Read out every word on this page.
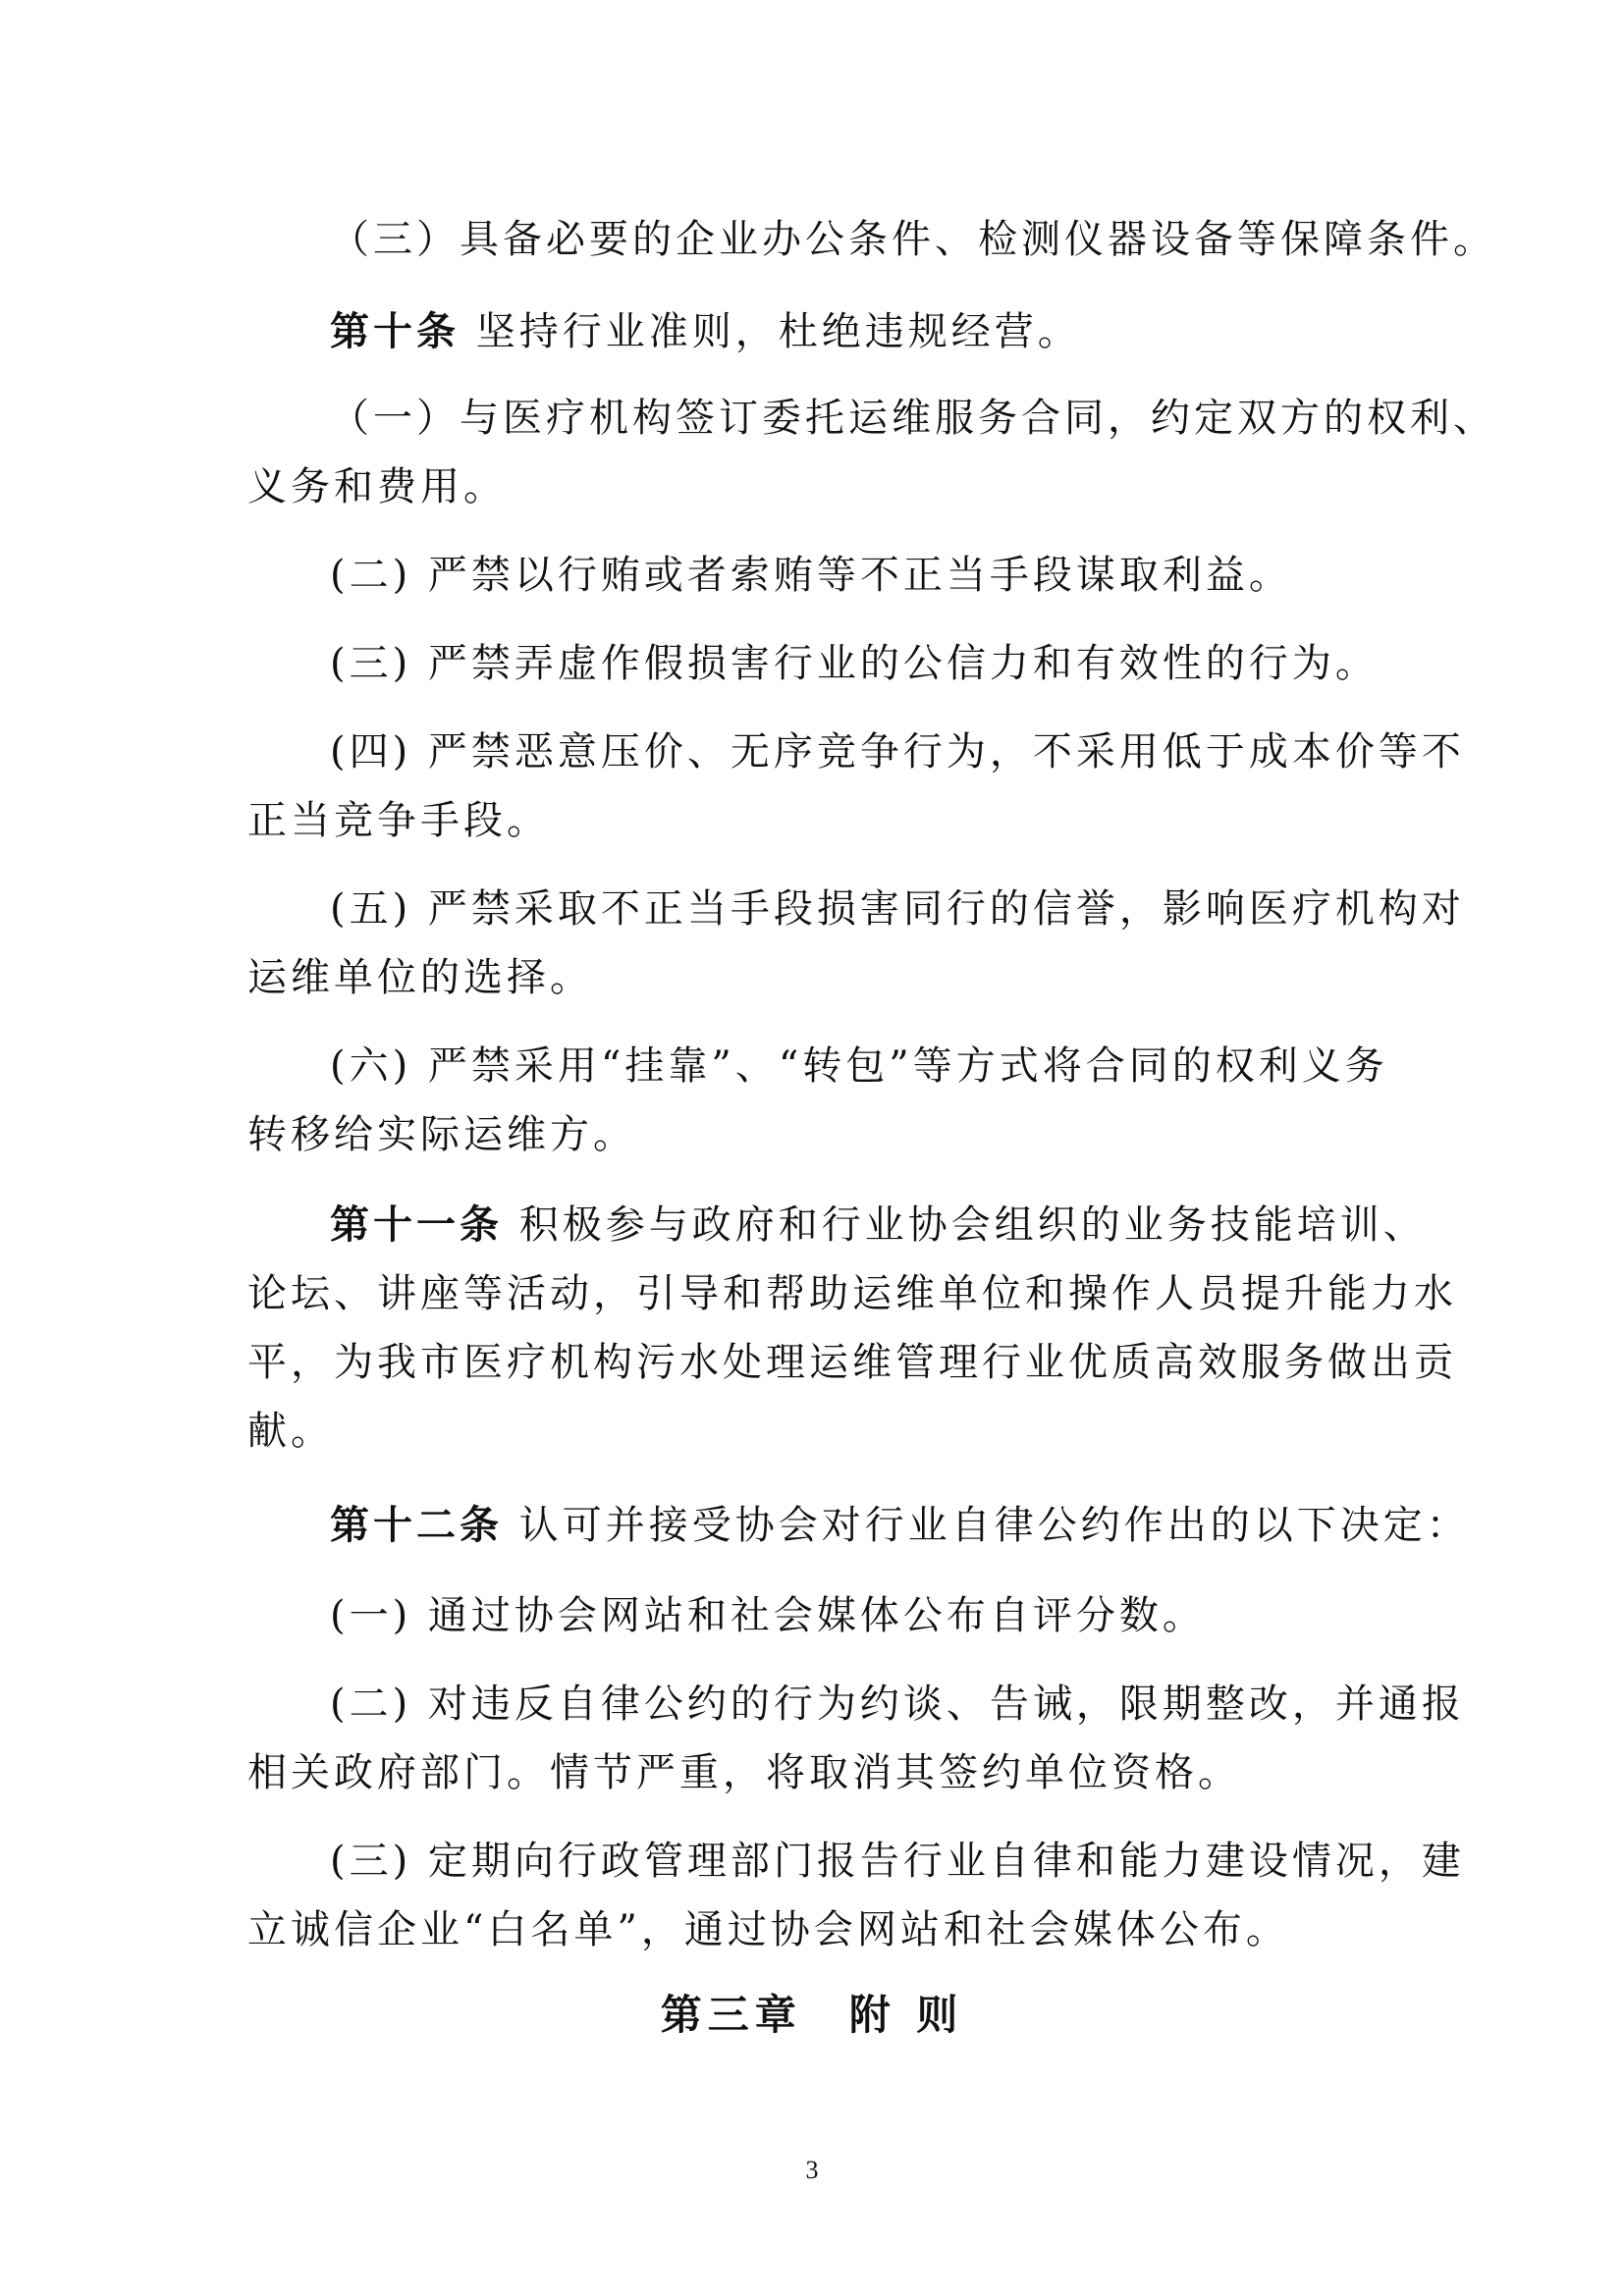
（三）具备必要的企业办公条件、检测仪器设备等保障条件。
第十条 坚持行业准则，杜绝违规经营。
（一）与医疗机构签订委托运维服务合同，约定双方的权利、
义务和费用。
(二) 严禁以行贿或者索贿等不正当手段谋取利益。
(三) 严禁弄虚作假损害行业的公信力和有效性的行为。
(四) 严禁恶意压价、无序竞争行为，不采用低于成本价等不
正当竞争手段。
(五) 严禁采取不正当手段损害同行的信誉，影响医疗机构对
运维单位的选择。
(六) 严禁采用“挂靠”、“转包”等方式将合同的权利义务
转移给实际运维方。
第十一条 积极参与政府和行业协会组织的业务技能培训、
论坛、讲座等活动，引导和帮助运维单位和操作人员提升能力水
平，为我市医疗机构污水处理运维管理行业优质高效服务做出贡
献。
第十二条 认可并接受协会对行业自律公约作出的以下决定：
(一) 通过协会网站和社会媒体公布自评分数。
(二) 对违反自律公约的行为约谈、告诫，限期整改，并通报
相关政府部门。情节严重，将取消其签约单位资格。
(三) 定期向行政管理部门报告行业自律和能力建设情况，建
立诚信企业“白名单”，通过协会网站和社会媒体公布。
第三章　附 则
3
